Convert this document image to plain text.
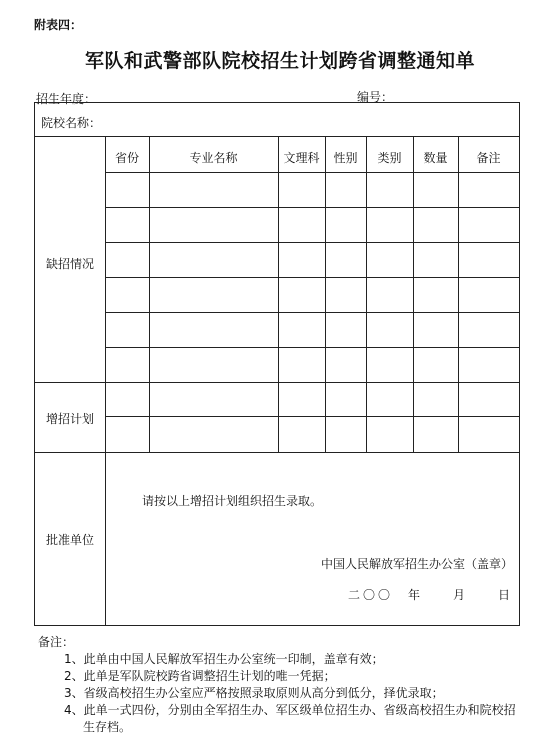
附表四：
军队和武警部队院校招生计划跨省调整通知单
招生年度：	编号：
院校名称：
省份	专业名称	文理科	性别	类别	数量	备注
缺招情况
增招计划
批准单位
请按以上增招计划组织招生录取。
中国人民解放军招生办公室（盖章）
二〇〇　年　　月　　日
备注：
1、此单由中国人民解放军招生办公室统一印制，盖章有效；
2、此单是军队院校跨省调整招生计划的唯一凭据；
3、省级高校招生办公室应严格按照录取原则从高分到低分，择优录取；
4、此单一式四份，分别由全军招生办、军区级单位招生办、省级高校招生办和院校招
生存档。
